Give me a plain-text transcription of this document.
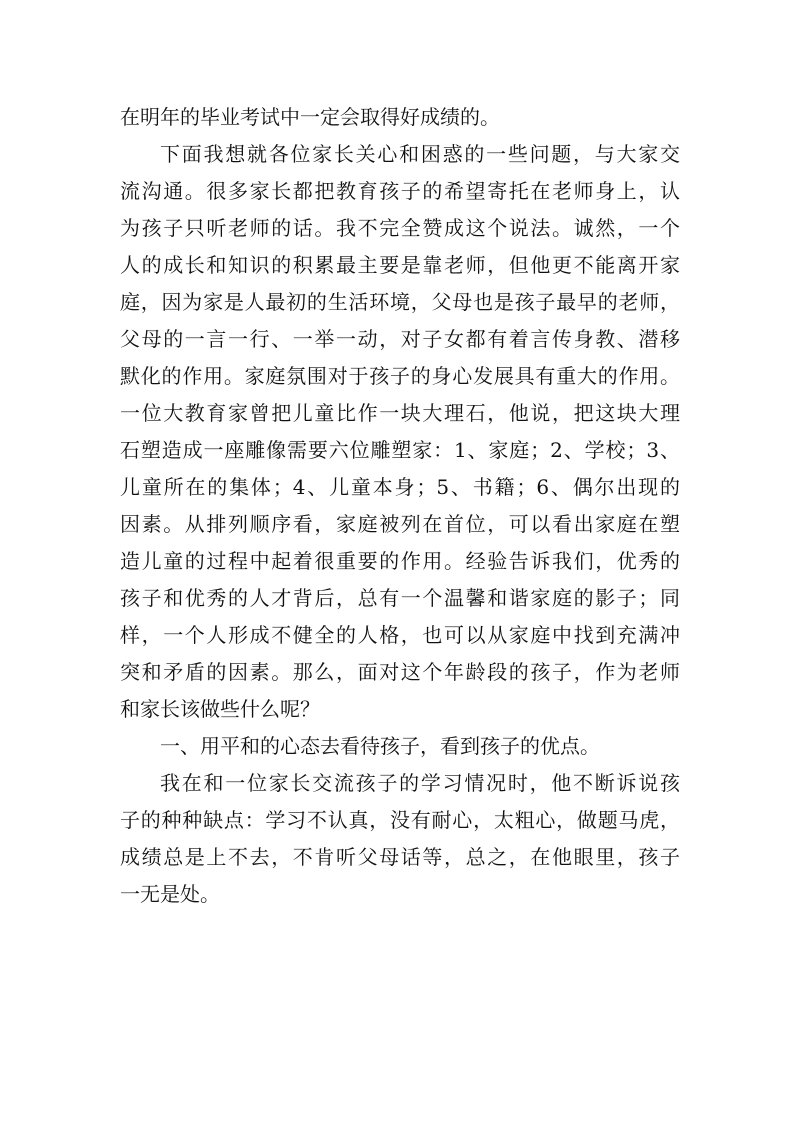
在明年的毕业考试中一定会取得好成绩的。
下面我想就各位家长关心和困惑的一些问题，与大家交
流沟通。很多家长都把教育孩子的希望寄托在老师身上，认
为孩子只听老师的话。我不完全赞成这个说法。诚然，一个
人的成长和知识的积累最主要是靠老师，但他更不能离开家
庭，因为家是人最初的生活环境，父母也是孩子最早的老师，
父母的一言一行、一举一动，对子女都有着言传身教、潜移
默化的作用。家庭氛围对于孩子的身心发展具有重大的作用。
一位大教育家曾把儿童比作一块大理石，他说，把这块大理
石塑造成一座雕像需要六位雕塑家：1、家庭；2、学校；3、
儿童所在的集体；4、儿童本身；5、书籍；6、偶尔出现的
因素。从排列顺序看，家庭被列在首位，可以看出家庭在塑
造儿童的过程中起着很重要的作用。经验告诉我们，优秀的
孩子和优秀的人才背后，总有一个温馨和谐家庭的影子；同
样，一个人形成不健全的人格，也可以从家庭中找到充满冲
突和矛盾的因素。那么，面对这个年龄段的孩子，作为老师
和家长该做些什么呢？
一、用平和的心态去看待孩子，看到孩子的优点。
我在和一位家长交流孩子的学习情况时，他不断诉说孩
子的种种缺点：学习不认真，没有耐心，太粗心，做题马虎，
成绩总是上不去，不肯听父母话等，总之，在他眼里，孩子
一无是处。
